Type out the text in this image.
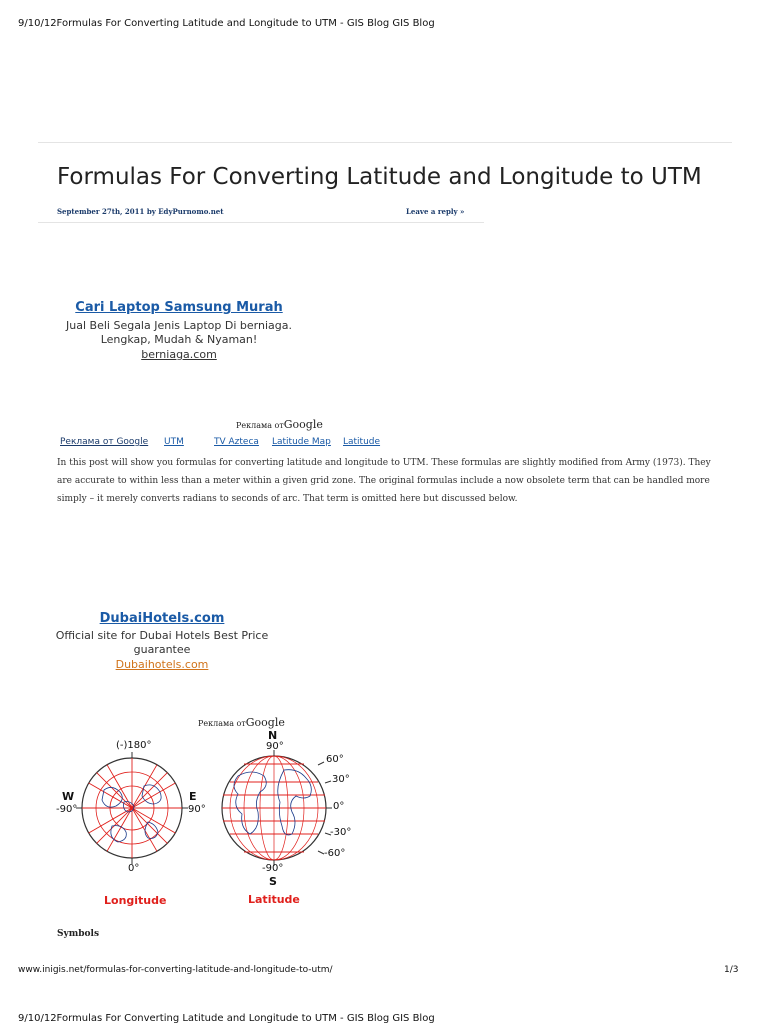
9/10/12Formulas For Converting Latitude and Longitude to UTM - GIS Blog GIS Blog
Formulas For Converting Latitude and Longitude to UTM
September 27th, 2011 by EdyPurnomo.net	Leave a reply »
Cari Laptop Samsung Murah
Jual Beli Segala Jenis Laptop Di berniaga. Lengkap, Mudah & Nyaman!
berniaga.com
Реклама отGoogle
Реклама от Google UTM	TV Azteca Latitude Map Latitude
In this post will show you formulas for converting latitude and longitude to UTM. These formulas are slightly modified from Army (1973). They are accurate to within less than a meter within a given grid zone. The original formulas include a now obsolete term that can be handled more simply – it merely converts radians to seconds of arc. That term is omitted here but discussed below.
DubaiHotels.com
Official site for Dubai Hotels Best Price guarantee
Dubaihotels.com
Реклама отGoogle
(-)180°
W
-90°
E
90°
0°
Longitude
N
90°
60°
30°
0°
-30°
-60°
-90°
S
Latitude
Symbols
www.inigis.net/formulas-for-converting-latitude-and-longitude-to-utm/	1/3
9/10/12Formulas For Converting Latitude and Longitude to UTM - GIS Blog GIS Blog
